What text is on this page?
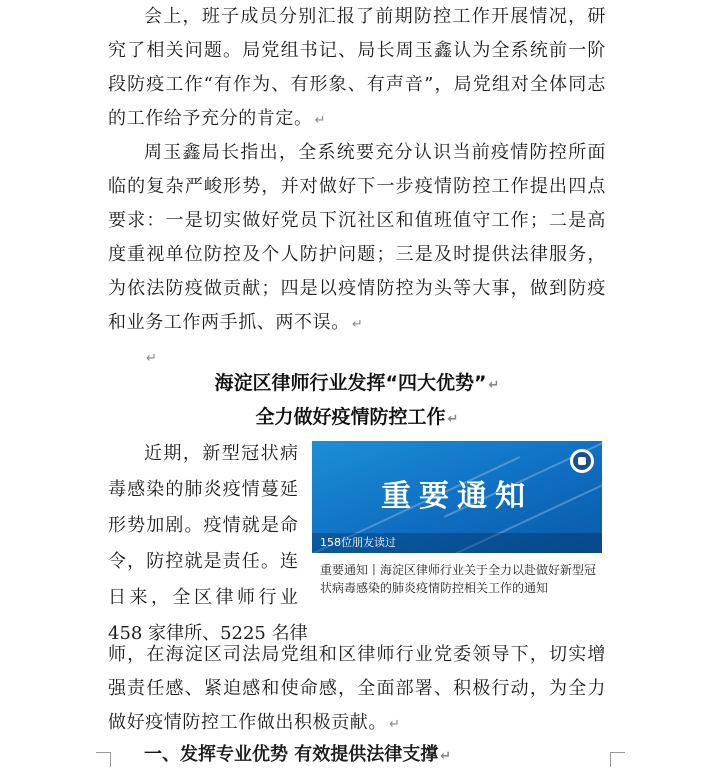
会上，班子成员分别汇报了前期防控工作开展情况，研
究了相关问题。局党组书记、局长周玉鑫认为全系统前一阶
段防疫工作“有作为、有形象、有声音”，局党组对全体同志
的工作给予充分的肯定。 ↵
周玉鑫局长指出，全系统要充分认识当前疫情防控所面
临的复杂严峻形势，并对做好下一步疫情防控工作提出四点
要求：一是切实做好党员下沉社区和值班值守工作；二是高
度重视单位防控及个人防护问题；三是及时提供法律服务，
为依法防疫做贡献；四是以疫情防控为头等大事，做到防疫
和业务工作两手抓、两不误。 ↵
↵
海淀区律师行业发挥“四大优势” ↵
全力做好疫情防控工作 ↵
近期，新型冠状病
毒感染的肺炎疫情蔓延
形势加剧。疫情就是命
令，防控就是责任。连
日来，全区律师行业
458 家律所、5225 名律
重要通知
158位朋友读过
重要通知丨海淀区律师行业关于全力以赴做好新型冠状病毒感染的肺炎疫情防控相关工作的通知
师，在海淀区司法局党组和区律师行业党委领导下，切实增
强责任感、紧迫感和使命感，全面部署、积极行动，为全力
做好疫情防控工作做出积极贡献。 ↵
一、发挥专业优势 有效提供法律支撑 ↵
